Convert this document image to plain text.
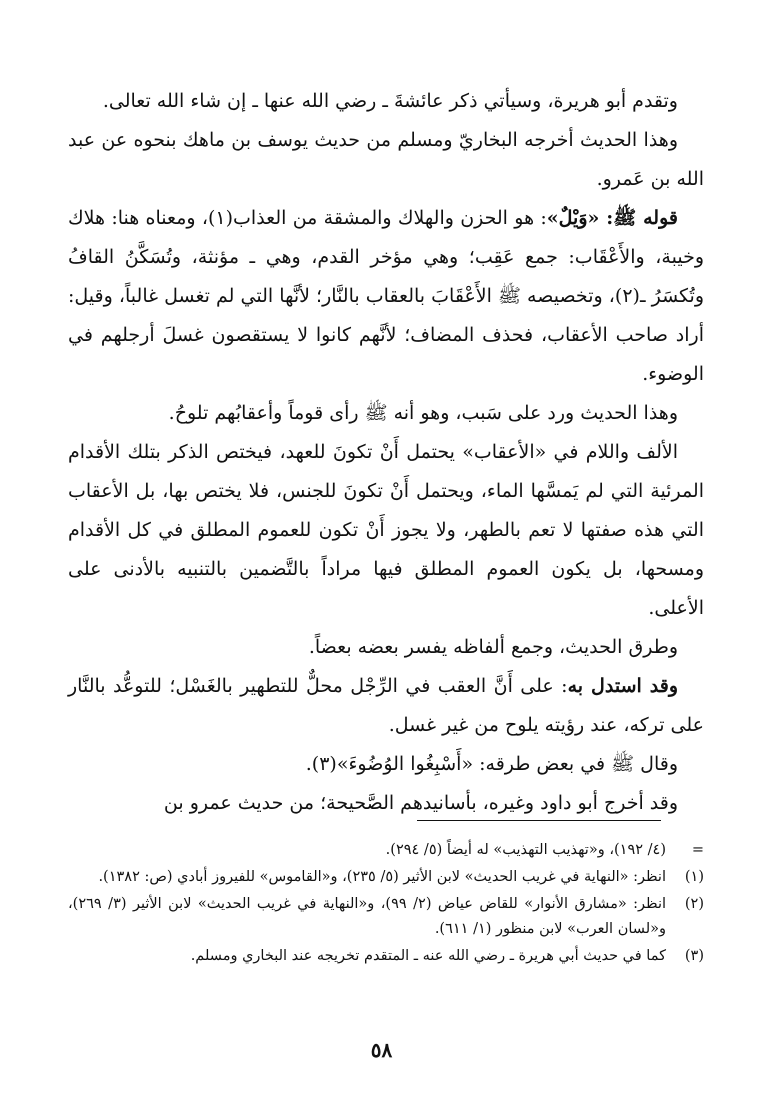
وتقدم أبو هريرة، وسيأتي ذكر عائشةَ ـ رضي الله عنها ـ إن شاء الله تعالى.

وهذا الحديث أخرجه البخاريّ ومسلم من حديث يوسف بن ماهك بنحوه عن عبد الله بن عَمرو.

قوله ﷺ: «وَيْلٌ»: هو الحزن والهلاك والمشقة من العذاب(١)، ومعناه هنا: هلاك وخيبة، والأَعْقَاب: جمع عَقِب؛ وهي مؤخر القدم، وهي ـ مؤنثة، وتُسَكَّنُ القافُ وتُكسَرُ ـ(٢)، وتخصيصه ﷺ الأَعْقَابَ بالعقاب بالنَّار؛ لأنَّها التي لم تغسل غالباً، وقيل: أراد صاحب الأعقاب، فحذف المضاف؛ لأنَّهم كانوا لا يستقصون غسلَ أرجلهم في الوضوء.

وهذا الحديث ورد على سَبب، وهو أنه ﷺ رأى قوماً وأعقابُهم تلوحُ.

الألف واللام في «الأعقاب» يحتمل أَنْ تكونَ للعهد، فيختص الذكر بتلك الأقدام المرئية التي لم يَمسَّها الماء، ويحتمل أَنْ تكونَ للجنس، فلا يختص بها، بل الأعقاب التي هذه صفتها لا تعم بالطهر، ولا يجوز أَنْ تكون للعموم المطلق في كل الأقدام ومسحها، بل يكون العموم المطلق فيها مراداً بالتَّضمين بالتنبيه بالأدنى على الأعلى.

وطرق الحديث، وجمع ألفاظه يفسر بعضه بعضاً.

وقد استدل به: على أَنَّ العقب في الرِّجْل محلٌّ للتطهير بالغَسْل؛ للتوعُّد بالنَّار على تركه، عند رؤيته يلوح من غير غسل.

وقال ﷺ في بعض طرقه: «أَسْبِغُوا الوُضُوءَ»(٣).

وقد أخرج أبو داود وغيره، بأسانيدهم الصَّحيحة؛ من حديث عمرو بن

=
(٤/ ١٩٢)، و«تهذيب التهذيب» له أيضاً (٥/ ٢٩٤).
(١)
انظر: «النهاية في غريب الحديث» لابن الأثير (٥/ ٢٣٥)، و«القاموس» للفيروز أبادي (ص: ١٣٨٢).
(٢)
انظر: «مشارق الأنوار» للقاض عياض (٢/ ٩٩)، و«النهاية في غريب الحديث» لابن الأثير (٣/ ٢٦٩)، و«لسان العرب» لابن منظور (١/ ٦١١).
(٣)
كما في حديث أبي هريرة ـ رضي الله عنه ـ المتقدم تخريجه عند البخاري ومسلم.
٥٨
